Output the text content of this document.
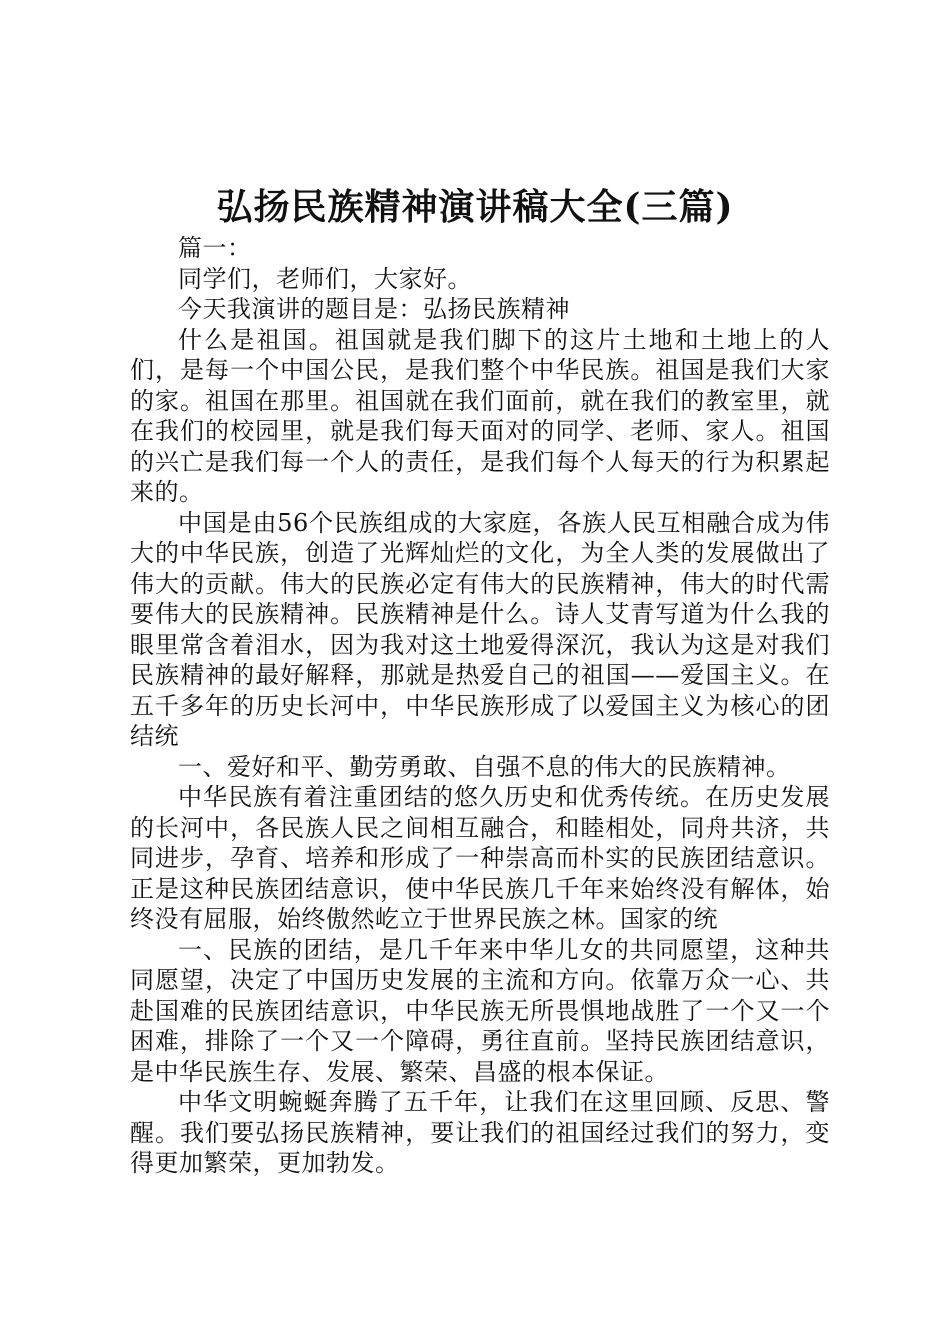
弘扬民族精神演讲稿大全(三篇)

篇一：

同学们，老师们，大家好。

今天我演讲的题目是：弘扬民族精神

什么是祖国。祖国就是我们脚下的这片土地和土地上的人们，是每一个中国公民，是我们整个中华民族。祖国是我们大家的家。祖国在那里。祖国就在我们面前，就在我们的教室里，就在我们的校园里，就是我们每天面对的同学、老师、家人。祖国的兴亡是我们每一个人的责任，是我们每个人每天的行为积累起来的。

中国是由56个民族组成的大家庭，各族人民互相融合成为伟大的中华民族，创造了光辉灿烂的文化，为全人类的发展做出了伟大的贡献。伟大的民族必定有伟大的民族精神，伟大的时代需要伟大的民族精神。民族精神是什么。诗人艾青写道为什么我的眼里常含着泪水，因为我对这土地爱得深沉，我认为这是对我们民族精神的最好解释，那就是热爱自己的祖国——爱国主义。在五千多年的历史长河中，中华民族形成了以爱国主义为核心的团结统

一、爱好和平、勤劳勇敢、自强不息的伟大的民族精神。

中华民族有着注重团结的悠久历史和优秀传统。在历史发展的长河中，各民族人民之间相互融合，和睦相处，同舟共济，共同进步，孕育、培养和形成了一种崇高而朴实的民族团结意识。正是这种民族团结意识，使中华民族几千年来始终没有解体，始终没有屈服，始终傲然屹立于世界民族之林。国家的统

一、民族的团结，是几千年来中华儿女的共同愿望，这种共同愿望，决定了中国历史发展的主流和方向。依靠万众一心、共赴国难的民族团结意识，中华民族无所畏惧地战胜了一个又一个困难，排除了一个又一个障碍，勇往直前。坚持民族团结意识，是中华民族生存、发展、繁荣、昌盛的根本保证。

中华文明蜿蜒奔腾了五千年，让我们在这里回顾、反思、警醒。我们要弘扬民族精神，要让我们的祖国经过我们的努力，变得更加繁荣，更加勃发。
